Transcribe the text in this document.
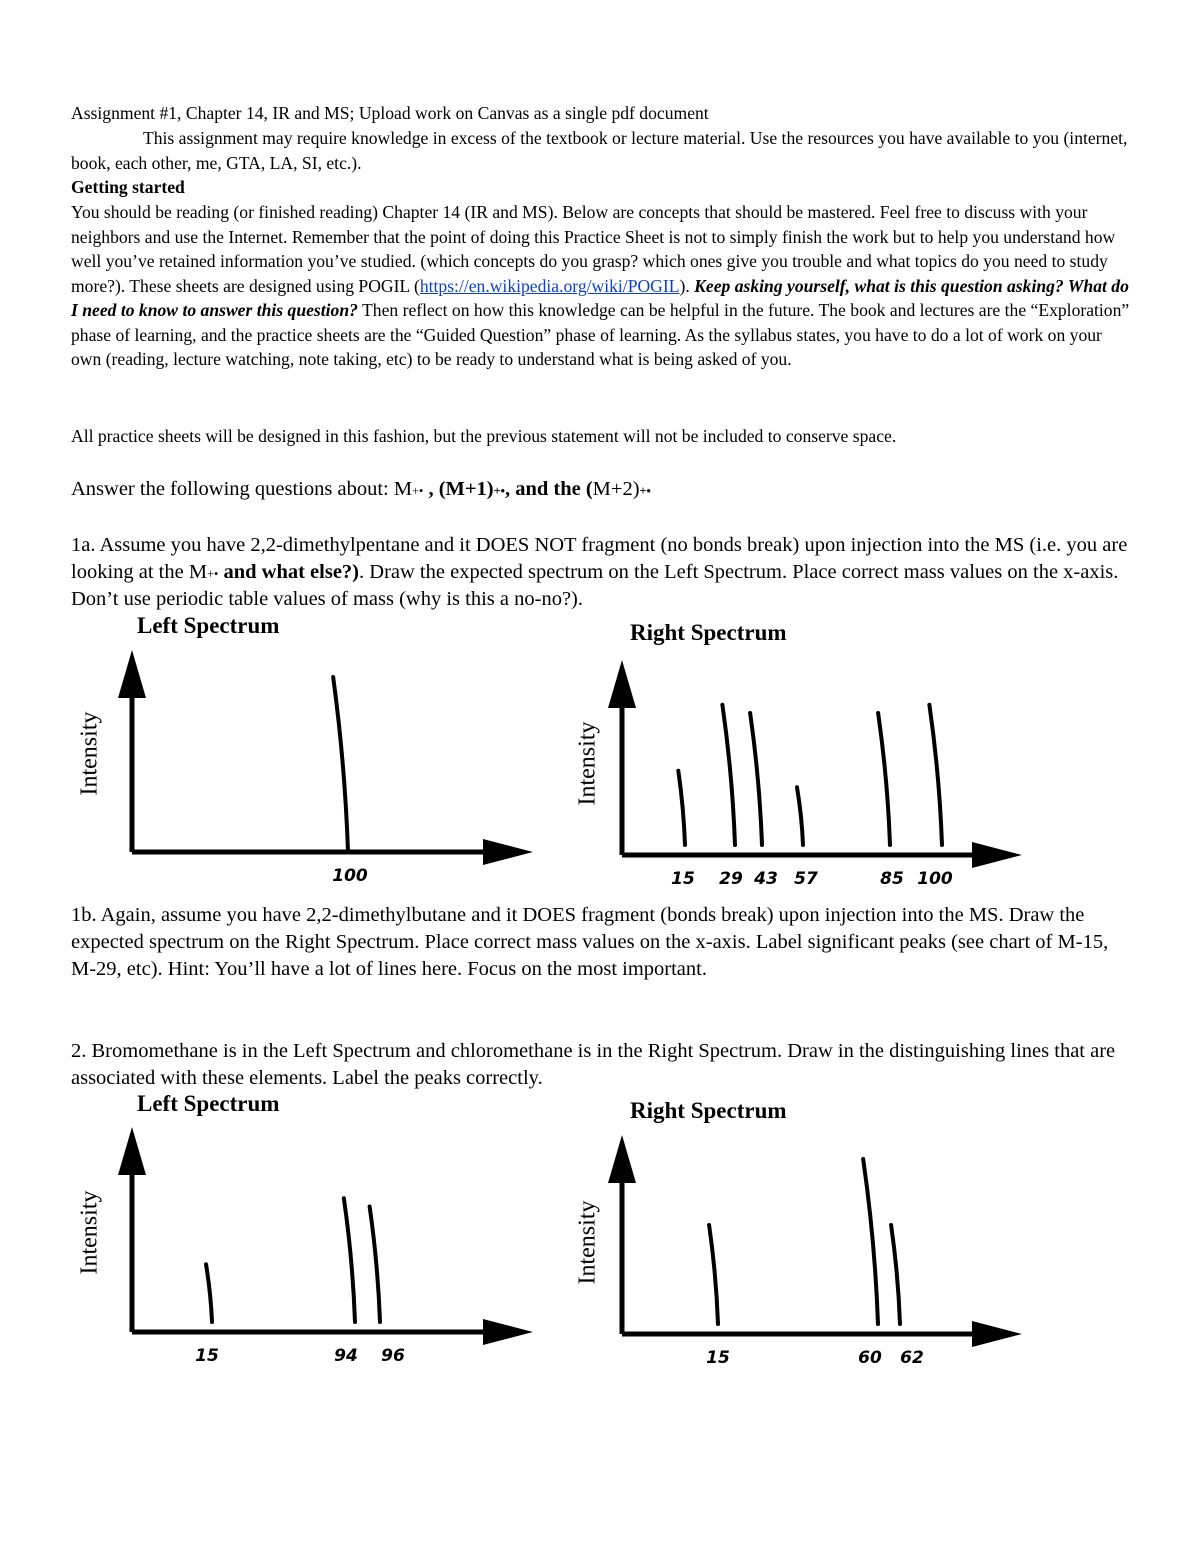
Assignment #1, Chapter 14, IR and MS; Upload work on Canvas as a single pdf document
This assignment may require knowledge in excess of the textbook or lecture material. Use the resources you have available to you (internet, book, each other, me, GTA, LA, SI, etc.).
Getting started
You should be reading (or finished reading) Chapter 14 (IR and MS). Below are concepts that should be mastered. Feel free to discuss with your neighbors and use the Internet. Remember that the point of doing this Practice Sheet is not to simply finish the work but to help you understand how well you’ve retained information you’ve studied. (which concepts do you grasp? which ones give you trouble and what topics do you need to study more?). These sheets are designed using POGIL (https://en.wikipedia.org/wiki/POGIL). Keep asking yourself, what is this question asking? What do I need to know to answer this question? Then reflect on how this knowledge can be helpful in the future. The book and lectures are the “Exploration” phase of learning, and the practice sheets are the “Guided Question” phase of learning. As the syllabus states, you have to do a lot of work on your own (reading, lecture watching, note taking, etc) to be ready to understand what is being asked of you.
All practice sheets will be designed in this fashion, but the previous statement will not be included to conserve space.
Answer the following questions about: M+• , (M+1)+•, and the (M+2)+•
1a. Assume you have 2,2-dimethylpentane and it DOES NOT fragment (no bonds break) upon injection into the MS (i.e. you are looking at the M+• and what else?). Draw the expected spectrum on the Left Spectrum. Place correct mass values on the x-axis. Don’t use periodic table values of mass (why is this a no-no?).
1b. Again, assume you have 2,2-dimethylbutane and it DOES fragment (bonds break) upon injection into the MS. Draw the expected spectrum on the Right Spectrum. Place correct mass values on the x-axis. Label significant peaks (see chart of M-15, M-29, etc). Hint: You’ll have a lot of lines here. Focus on the most important.
2. Bromomethane is in the Left Spectrum and chloromethane is in the Right Spectrum. Draw in the distinguishing lines that are associated with these elements. Label the peaks correctly.
Left Spectrum	Right Spectrum
Left Spectrum	Right Spectrum
Intensity	Intensity
Intensity	Intensity
100	15 29 43 57	85 100
15	94 96	15	60 62
